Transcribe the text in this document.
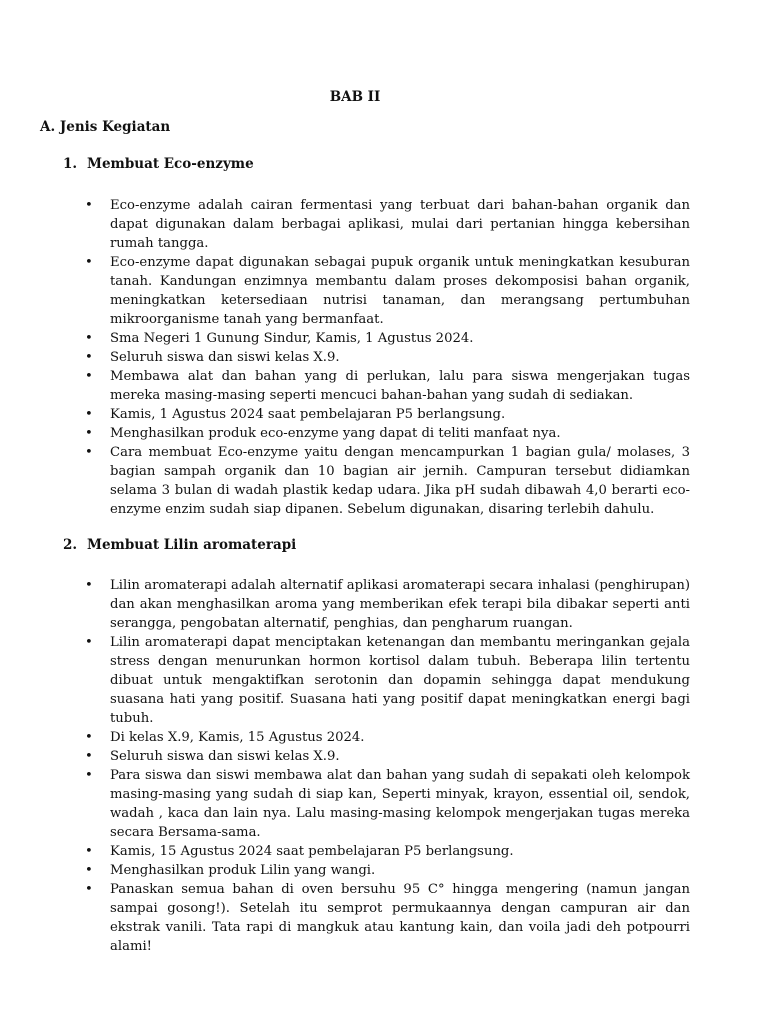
BAB II
A. Jenis Kegiatan
1. Membuat Eco-enzyme
• Eco-enzyme adalah cairan fermentasi yang terbuat dari bahan-bahan organik dan dapat digunakan dalam berbagai aplikasi, mulai dari pertanian hingga kebersihan rumah tangga.
• Eco-enzyme dapat digunakan sebagai pupuk organik untuk meningkatkan kesuburan tanah. Kandungan enzimnya membantu dalam proses dekomposisi bahan organik, meningkatkan ketersediaan nutrisi tanaman, dan merangsang pertumbuhan mikroorganisme tanah yang bermanfaat.
• Sma Negeri 1 Gunung Sindur, Kamis, 1 Agustus 2024.
• Seluruh siswa dan siswi kelas X.9.
• Membawa alat dan bahan yang di perlukan, lalu para siswa mengerjakan tugas mereka masing-masing seperti mencuci bahan-bahan yang sudah di sediakan.
• Kamis, 1 Agustus 2024 saat pembelajaran P5 berlangsung.
• Menghasilkan produk eco-enzyme yang dapat di teliti manfaat nya.
• Cara membuat Eco-enzyme yaitu dengan mencampurkan 1 bagian gula/ molases, 3 bagian sampah organik dan 10 bagian air jernih. Campuran tersebut didiamkan selama 3 bulan di wadah plastik kedap udara. Jika pH sudah dibawah 4,0 berarti eco-enzyme enzim sudah siap dipanen. Sebelum digunakan, disaring terlebih dahulu.
2. Membuat Lilin aromaterapi
• Lilin aromaterapi adalah alternatif aplikasi aromaterapi secara inhalasi (penghirupan) dan akan menghasilkan aroma yang memberikan efek terapi bila dibakar seperti anti serangga, pengobatan alternatif, penghias, dan pengharum ruangan.
• Lilin aromaterapi dapat menciptakan ketenangan dan membantu meringankan gejala stress dengan menurunkan hormon kortisol dalam tubuh. Beberapa lilin tertentu dibuat untuk mengaktifkan serotonin dan dopamin sehingga dapat mendukung suasana hati yang positif. Suasana hati yang positif dapat meningkatkan energi bagi tubuh.
• Di kelas X.9, Kamis, 15 Agustus 2024.
• Seluruh siswa dan siswi kelas X.9.
• Para siswa dan siswi membawa alat dan bahan yang sudah di sepakati oleh kelompok masing-masing yang sudah di siap kan, Seperti minyak, krayon, essential oil, sendok, wadah , kaca dan lain nya. Lalu masing-masing kelompok mengerjakan tugas mereka secara Bersama-sama.
• Kamis, 15 Agustus 2024 saat pembelajaran P5 berlangsung.
• Menghasilkan produk Lilin yang wangi.
• Panaskan semua bahan di oven bersuhu 95 C° hingga mengering (namun jangan sampai gosong!). Setelah itu semprot permukaannya dengan campuran air dan ekstrak vanili. Tata rapi di mangkuk atau kantung kain, dan voila jadi deh potpourri alami!
